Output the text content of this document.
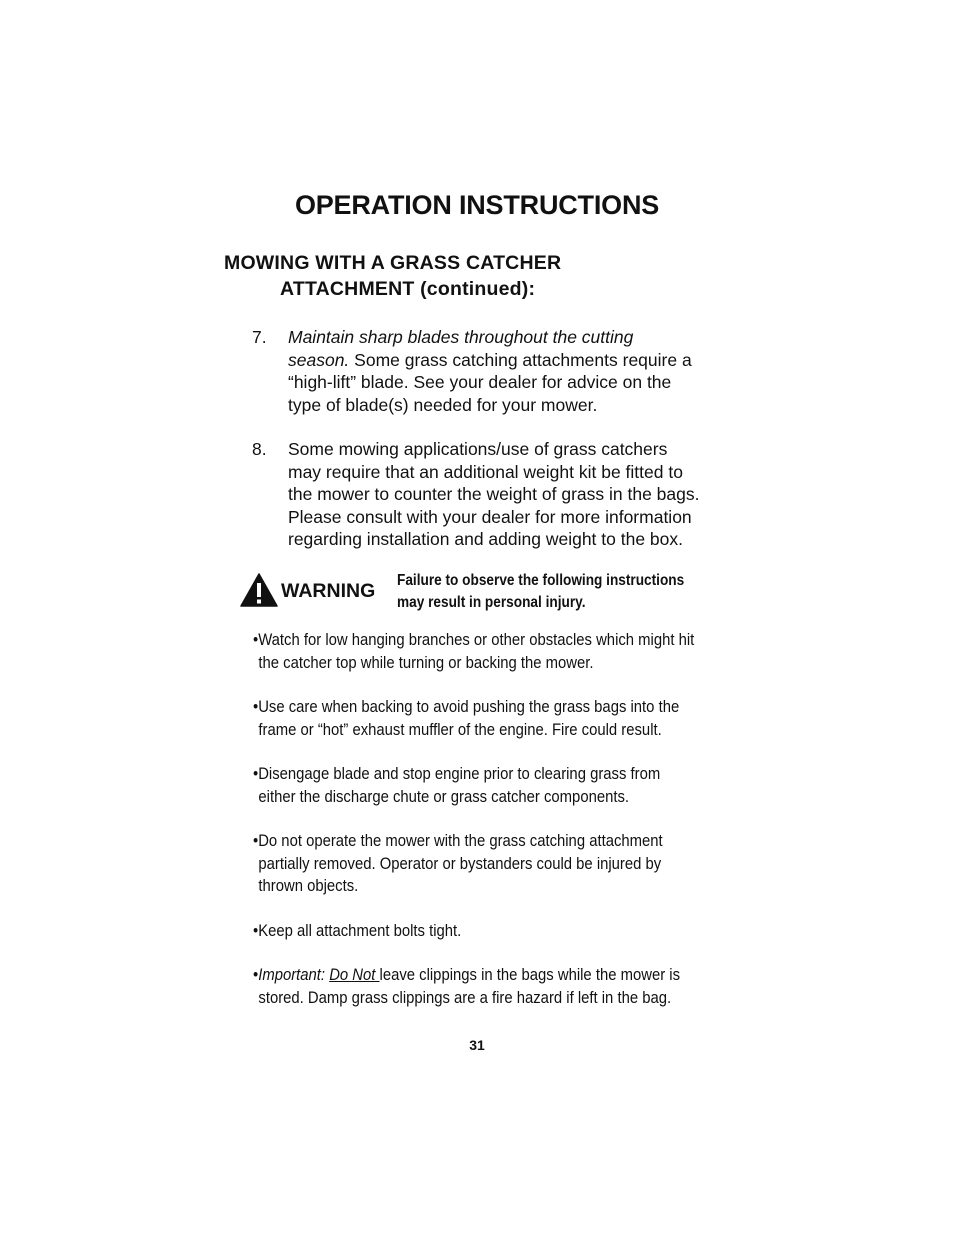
OPERATION INSTRUCTIONS
MOWING WITH A GRASS CATCHER
ATTACHMENT (continued):
7. Maintain sharp blades throughout the cutting
season. Some grass catching attachments require a
“high-lift” blade. See your dealer for advice on the
type of blade(s) needed for your mower.
8. Some mowing applications/use of grass catchers
may require that an additional weight kit be fitted to
the mower to counter the weight of grass in the bags.
Please consult with your dealer for more information
regarding installation and adding weight to the box.
WARNING Failure to observe the following instructions
may result in personal injury.
•Watch for low hanging branches or other obstacles which might hit
the catcher top while turning or backing the mower.
•Use care when backing to avoid pushing the grass bags into the
frame or “hot” exhaust muffler of the engine. Fire could result.
•Disengage blade and stop engine prior to clearing grass from
either the discharge chute or grass catcher components.
•Do not operate the mower with the grass catching attachment
partially removed. Operator or bystanders could be injured by
thrown objects.
•Keep all attachment bolts tight.
•Important: Do Not leave clippings in the bags while the mower is
stored. Damp grass clippings are a fire hazard if left in the bag.
31
